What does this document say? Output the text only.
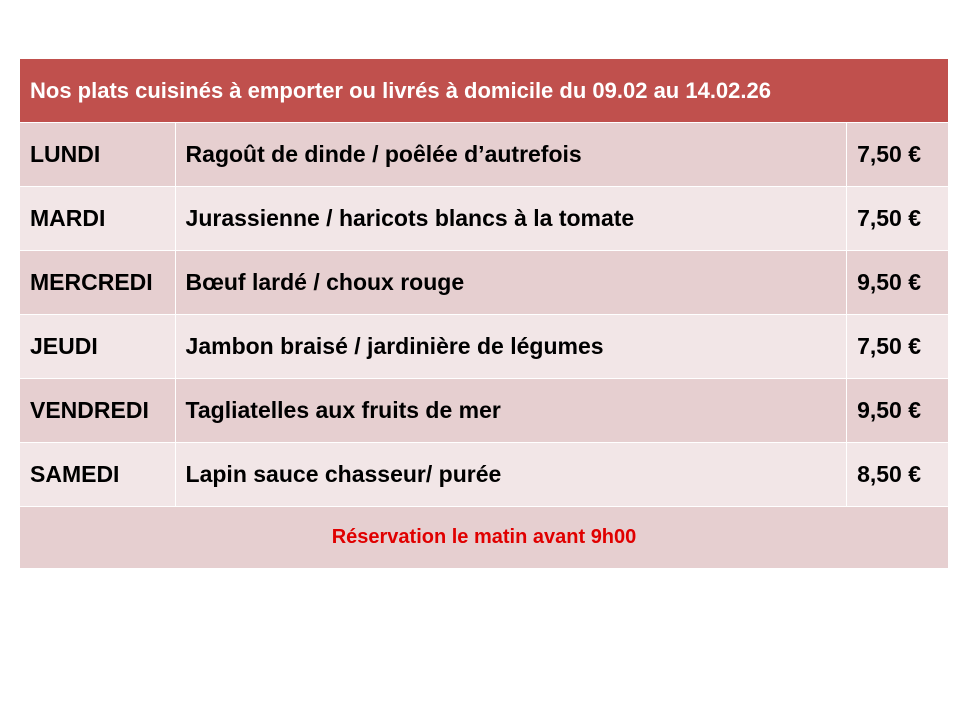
Nos plats cuisinés à emporter ou livrés à domicile du 09.02 au 14.02.26		
LUNDI	Ragoût de dinde / poêlée d’autrefois	7,50 €
MARDI	Jurassienne / haricots blancs à la tomate	7,50 €
MERCREDI	Bœuf lardé / choux rouge	9,50 €
JEUDI	Jambon braisé / jardinière de légumes	7,50 €
VENDREDI	Tagliatelles aux fruits de mer	9,50 €
SAMEDI	Lapin sauce chasseur/ purée	8,50 €
Réservation le matin avant 9h00		
